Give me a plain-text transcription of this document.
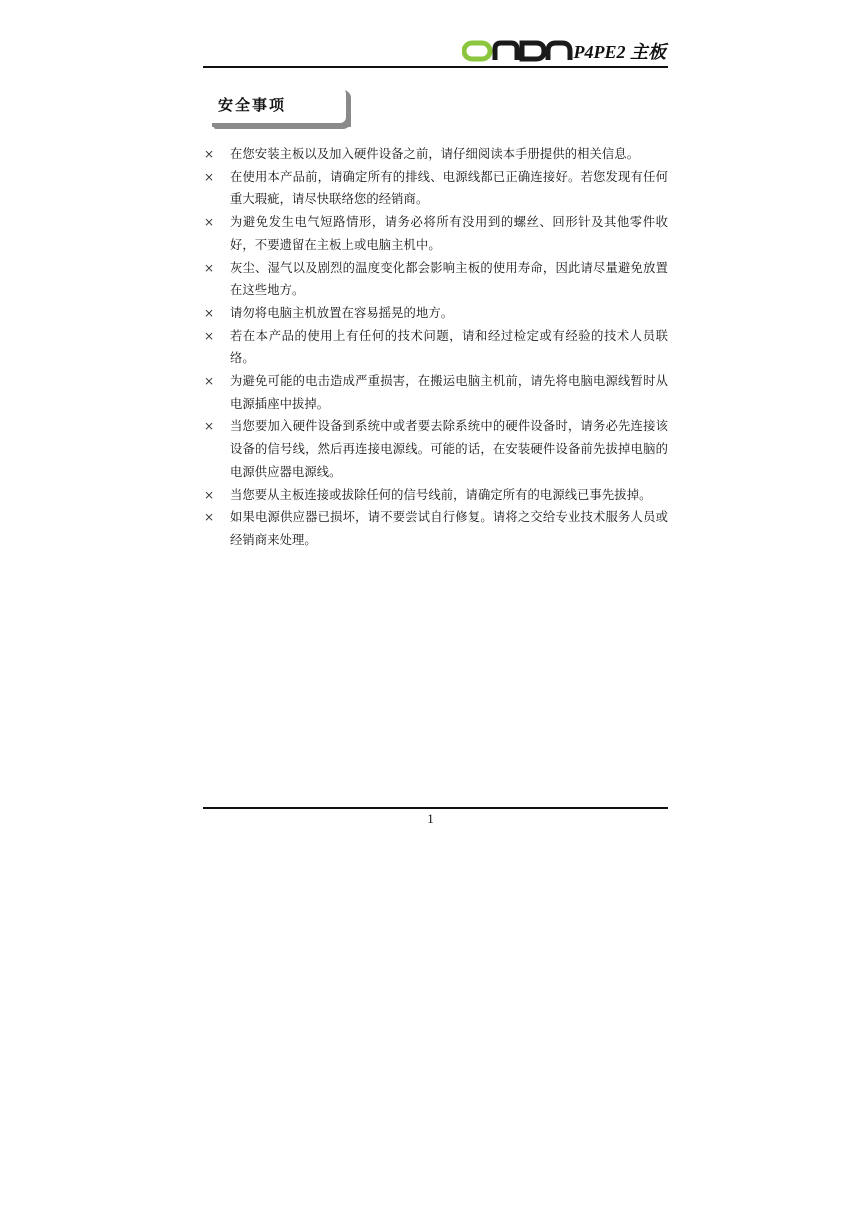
P4PE2 主板
安全事项
× 在您安装主板以及加入硬件设备之前，请仔细阅读本手册提供的相关信息。
× 在使用本产品前，请确定所有的排线、电源线都已正确连接好。若您发现有任何重大瑕疵，请尽快联络您的经销商。
× 为避免发生电气短路情形，请务必将所有没用到的螺丝、回形针及其他零件收好，不要遗留在主板上或电脑主机中。
× 灰尘、湿气以及剧烈的温度变化都会影响主板的使用寿命，因此请尽量避免放置在这些地方。
× 请勿将电脑主机放置在容易摇晃的地方。
× 若在本产品的使用上有任何的技术问题，请和经过检定或有经验的技术人员联络。
× 为避免可能的电击造成严重损害，在搬运电脑主机前，请先将电脑电源线暂时从电源插座中拔掉。
× 当您要加入硬件设备到系统中或者要去除系统中的硬件设备时，请务必先连接该设备的信号线，然后再连接电源线。可能的话，在安装硬件设备前先拔掉电脑的电源供应器电源线。
× 当您要从主板连接或拔除任何的信号线前，请确定所有的电源线已事先拔掉。
× 如果电源供应器已损坏，请不要尝试自行修复。请将之交给专业技术服务人员或经销商来处理。
1
